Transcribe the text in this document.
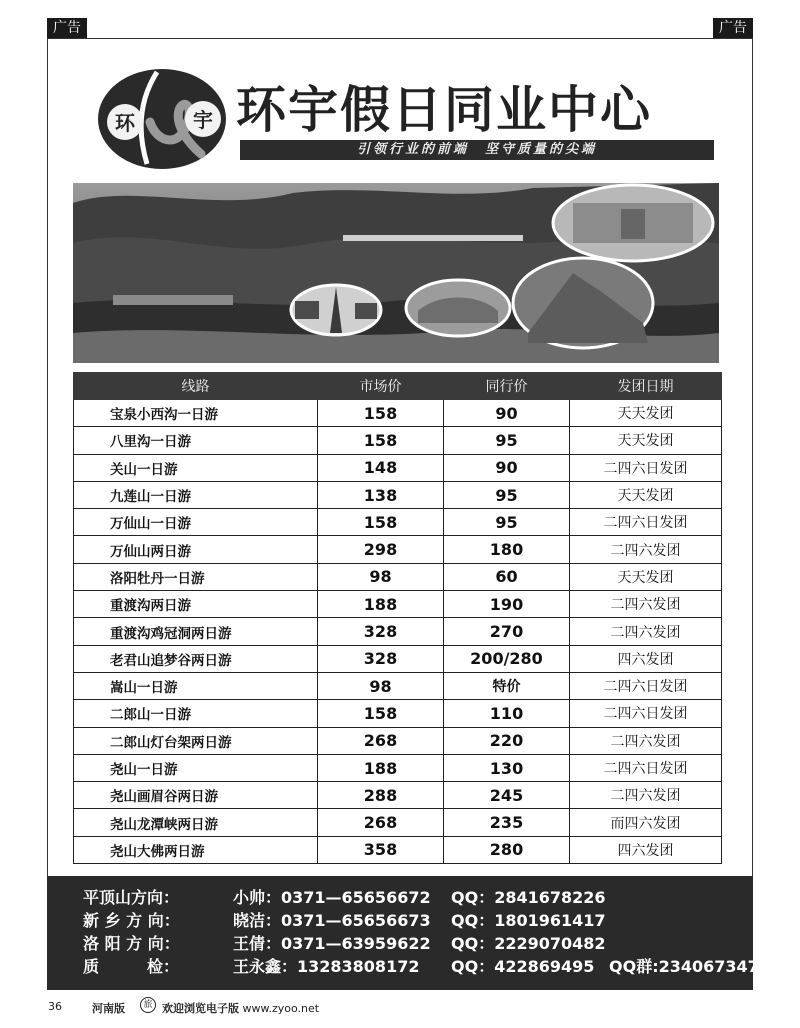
广告	广告
环	宇 环宇假日同业中心
引领行业的前端　坚守质量的尖端
线路	市场价	同行价	发团日期
宝泉小西沟一日游	158	90	天天发团
八里沟一日游	158	95	天天发团
关山一日游	148	90	二四六日发团
九莲山一日游	138	95	天天发团
万仙山一日游	158	95	二四六日发团
万仙山两日游	298	180	二四六发团
洛阳牡丹一日游	98	60	天天发团
重渡沟两日游	188	190	二四六发团
重渡沟鸡冠洞两日游	328	270	二四六发团
老君山追梦谷两日游	328	200/280	四六发团
嵩山一日游	98	特价	二四六日发团
二郎山一日游	158	110	二四六日发团
二郎山灯台架两日游	268	220	二四六发团
尧山一日游	188	130	二四六日发团
尧山画眉谷两日游	288	245	二四六发团
尧山龙潭峡两日游	268	235	而四六发团
尧山大佛两日游	358	280	四六发团
平顶山方向：	小帅：0371—65656672 QQ：2841678226
新 乡 方 向：	晓洁：0371—65656673 QQ：1801961417
洛 阳 方 向：	王倩：0371—63959622 QQ：2229070482
质　　　检：	王永鑫：13283808172 QQ：422869495 QQ群:234067347
36	河南版	旅 欢迎浏览电子版 www.zyoo.net
